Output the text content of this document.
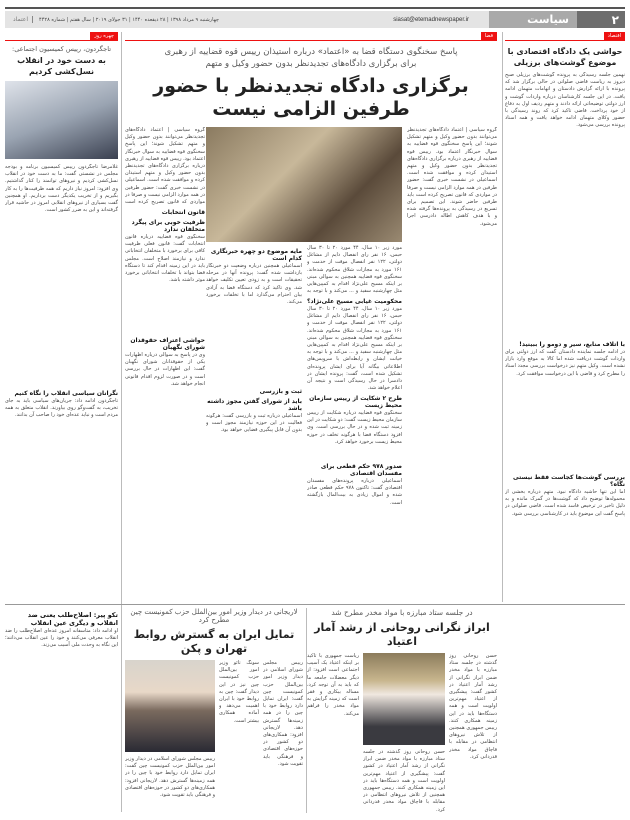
۲
سیاست
siasat@etemadnewspaper.ir
چهارشنبه ۹ مرداد ۱۳۹۸ | ۲۸ ذیقعده ۱۴۴۰ | ۳۱ جولای ۲۰۱۹ | سال هفتم | شماره ۴۴۲۸
اعتماد
اقتصاد
حواشی یک دادگاه اقتصادی با موضوع گوشت‌های برزیلی
نهمین جلسه رسیدگی به پرونده گوشت‌های برزیلی صبح دیروز به ریاست قاضی صلواتی در حالی برگزار شد که پرونده با ارائه گزارش دادستان و اتهامات متهمان ادامه یافت. در این جلسه کارشناسان درباره واردات گوشت و ارز دولتی توضیحاتی ارائه دادند و متهم ردیف اول به دفاع از خود پرداخت. قاضی تاکید کرد که روند رسیدگی با حضور وکلای متهمان ادامه خواهد یافت و همه اسناد پرونده بررسی می‌شود.
با اتلاف منابع، سیر و دومو را ببینید!
در ادامه جلسه نماینده دادستان گفت که ارز دولتی برای واردات گوشت دریافت شده اما کالا به موقع وارد بازار نشده است. وکیل متهم نیز درخواست بررسی مجدد اسناد را مطرح کرد و قاضی با این درخواست موافقت کرد.
بررسی گوشت‌ها کجاست فقط نیستی نگاه؟
اما این تنها حاشیه دادگاه نبود. متهم درباره بخشی از محموله‌ها توضیح داد که گوشت‌ها در گمرک مانده و به دلیل تاخیر در ترخیص فاسد شده است. قاضی صلواتی در پاسخ گفت این موضوع باید در کارشناسی بررسی شود.
قضا
پاسخ سخنگوی دستگاه قضا به «اعتماد» درباره استیذان رییس قوه قضاییه از رهبری
برای برگزاری دادگاه‌های تجدیدنظر بدون حضور وکیل و متهم
برگزاری دادگاه تجدیدنظر با حضور طرفین الزامی نیست
گروه سیاسی | اعتماد دادگاه‌های تجدیدنظر می‌توانند بدون حضور وکیل و متهم تشکیل شوند؛ این پاسخ سخنگوی قوه قضاییه به سوال خبرنگار اعتماد بود. رییس قوه قضاییه از رهبری درباره برگزاری دادگاه‌های تجدیدنظر بدون حضور وکیل و متهم استیذان کرده و موافقت شده است. اسماعیلی در نشست خبری گفت: حضور طرفین در همه موارد الزامی نیست و صرفا در مواردی که قانون تصریح کرده است باید طرفین حاضر شوند. این تصمیم برای تسریع در رسیدگی به پرونده‌ها گرفته شده و با هدف کاهش اطاله دادرسی اجرا می‌شود.
مورد زیر ۱۰ سال، ۴۴ مورد ۲۰ تا ۳۰ سال حبس، ۱۶ نفر رای انفصال دایم از مشاغل دولتی، ۱۲۲ نفر انفصال موقت از خدمت و ۱۶۱ مورد به مجازات شلاق محکوم شده‌اند. سخنگوی قوه قضاییه همچنین به سوالی مبنی بر اینکه مسیح علی‌نژاد اقدام به کمپین‌هایی مثل چهارشنبه سفید و ... می‌کند و با توجه به
محکومیت غیابی مسیح علی‌نژاد؟
مورد زیر ۱۰ سال، ۴۴ مورد ۲۰ تا ۳۰ سال حبس، ۱۶ نفر رای انفصال دایم از مشاغل دولتی، ۱۲۲ نفر انفصال موقت از خدمت و ۱۶۱ مورد به مجازات شلاق محکوم شده‌اند. سخنگوی قوه قضاییه همچنین به سوالی مبنی بر اینکه مسیح علی‌نژاد اقدام به کمپین‌هایی مثل چهارشنبه سفید و ... می‌کند و با توجه به خیانت ایشان و رابطه‌اش با سرویس‌های اطلاعاتی بیگانه آیا برای ایشان پرونده‌ای تشکیل شده است، گفت: پرونده ایشان در دادسرا در حال رسیدگی است و نتیجه آن اعلام خواهد شد.
طرح ۲ شکایت از رییس سازمان محیط زیست
سخنگوی قوه قضاییه درباره شکایت از رییس سازمان محیط زیست گفت: دو شکایت در این زمینه ثبت شده و در حال بررسی است. وی افزود دستگاه قضا با هرگونه تخلف در حوزه محیط زیست برخورد خواهد کرد.
صدور ۹۷۸ حکم قطعی برای مفسدان اقتصادی
اسماعیلی درباره پرونده‌های مفسدان اقتصادی گفت: تاکنون ۹۷۸ حکم قطعی صادر شده و اموال زیادی به بیت‌المال بازگشته است.
مایه موضوع دو چهره خبرنگاری کدام است
اسماعیلی همچنین درباره وضعیت دو خبرنگار بازداشت شده گفت: پرونده آنها در مرحله تحقیقات است و به زودی تعیین تکلیف خواهد شد. وی تاکید کرد که دستگاه قضا به آزادی بیان احترام می‌گذارد اما با تخلفات برخورد می‌کند.
ثبت و بازرسی
باید از شورای گفتن مجوز داشته باشد
اسماعیلی درباره ثبت و بازرسی گفت: هرگونه فعالیت در این حوزه نیازمند مجوز است و بدون آن قابل پیگیری قضایی خواهد بود.
گروه سیاسی | اعتماد دادگاه‌های تجدیدنظر می‌توانند بدون حضور وکیل و متهم تشکیل شوند؛ این پاسخ سخنگوی قوه قضاییه به سوال خبرنگار اعتماد بود. رییس قوه قضاییه از رهبری درباره برگزاری دادگاه‌های تجدیدنظر بدون حضور وکیل و متهم استیذان کرده و موافقت شده است. اسماعیلی در نشست خبری گفت: حضور طرفین در همه موارد الزامی نیست و صرفا در مواردی که قانون تصریح کرده است
قانون انتخابات
ظرفیت خوبی برای پیگرد متخلفان ندارد
سخنگوی قوه قضاییه درباره قانون انتخابات گفت: قانون فعلی ظرفیت کافی برای برخورد با متخلفان انتخاباتی ندارد و نیازمند اصلاح است. مجلس باید در این زمینه اقدام کند تا دستگاه قضا بتواند با تخلفات انتخاباتی برخورد موثر داشته باشد.
حواشی اعتراف حقوقدان شورای نگهبان
وی در پاسخ به سوالی درباره اظهارات یکی از حقوقدانان شورای نگهبان گفت: این اظهارات در حال بررسی است و در صورت لزوم اقدام قانونی انجام خواهد شد.
چهره روز
تاجگردون، رییس کمیسیون اجتماعی:
به دست خود در انقلاب نسل‌کشی کردیم
غلامرضا تاجگردون رییس کمیسیون برنامه و بودجه مجلس در نشستی گفت: ما به دست خود در انقلاب نسل‌کشی کردیم و نیروهای توانمند را کنار گذاشتیم. وی افزود: امروز نیاز داریم که همه ظرفیت‌ها را به کار بگیریم و از تخریب یکدیگر دست برداریم. او همچنین گفت بسیاری از نیروهای انقلابی امروز در حاشیه قرار گرفته‌اند و این به ضرر کشور است.
نگرانان سیاسی انقلاب را نگاه کنیم
تاجگردون ادامه داد: جریان‌های سیاسی باید به جای تخریب، به گفت‌وگو روی بیاورند. انقلاب متعلق به همه مردم است و نباید عده‌ای خود را صاحب آن بدانند.
تکو پیر: اصلاح‌طلب یعنی ضد انقلاب و دیگری عین انقلاب
او ادامه داد: متاسفانه امروز عده‌ای اصلاح‌طلب را ضد انقلاب معرفی می‌کنند و خود را عین انقلاب می‌دانند؛ این نگاه به وحدت ملی آسیب می‌زند.
در جلسه ستاد مبارزه با مواد مخدر مطرح شد
ابراز نگرانی روحانی از رشد آمار اعتیاد
حسن روحانی روز گذشته در جلسه ستاد مبارزه با مواد مخدر ضمن ابراز نگرانی از رشد آمار اعتیاد در کشور گفت: پیشگیری از اعتیاد مهم‌ترین اولویت است و همه دستگاه‌ها باید در این زمینه همکاری کنند. رییس جمهوری همچنین از تلاش نیروهای انتظامی در مقابله با قاچاق مواد مخدر قدردانی کرد.
ریاست جمهوری با تاکید بر اینکه اعتیاد یک آسیب اجتماعی است افزود: از دیگر معضلات جامعه ما که باید به آن توجه کرد، مساله بیکاری و فقر است که زمینه گرایش به مواد مخدر را فراهم می‌کند.
حسن روحانی روز گذشته در جلسه ستاد مبارزه با مواد مخدر ضمن ابراز نگرانی از رشد آمار اعتیاد در کشور گفت: پیشگیری از اعتیاد مهم‌ترین اولویت است و همه دستگاه‌ها باید در این زمینه همکاری کنند. رییس جمهوری همچنین از تلاش نیروهای انتظامی در مقابله با قاچاق مواد مخدر قدردانی کرد.
لاریجانی در دیدار وزیر امور بین‌الملل حزب کمونیست چین مطرح کرد
تمایل ایران به گسترش روابط تهران و پکن
رییس مجلس شورای اسلامی در دیدار وزیر امور بین‌الملل حزب کمونیست چین گفت: ایران تمایل دارد روابط خود با چین را در همه زمینه‌ها گسترش دهد. لاریجانی افزود: همکاری‌های دو کشور در حوزه‌های اقتصادی و فرهنگی باید تقویت شود.
سونگ تائو وزیر امور بین‌الملل حزب کمونیست چین نیز در این دیدار گفت: چین به روابط خود با ایران اهمیت می‌دهد و آماده همکاری بیشتر است.
رییس مجلس شورای اسلامی در دیدار وزیر امور بین‌الملل حزب کمونیست چین گفت: ایران تمایل دارد روابط خود با چین را در همه زمینه‌ها گسترش دهد. لاریجانی افزود: همکاری‌های دو کشور در حوزه‌های اقتصادی و فرهنگی باید تقویت شود.
